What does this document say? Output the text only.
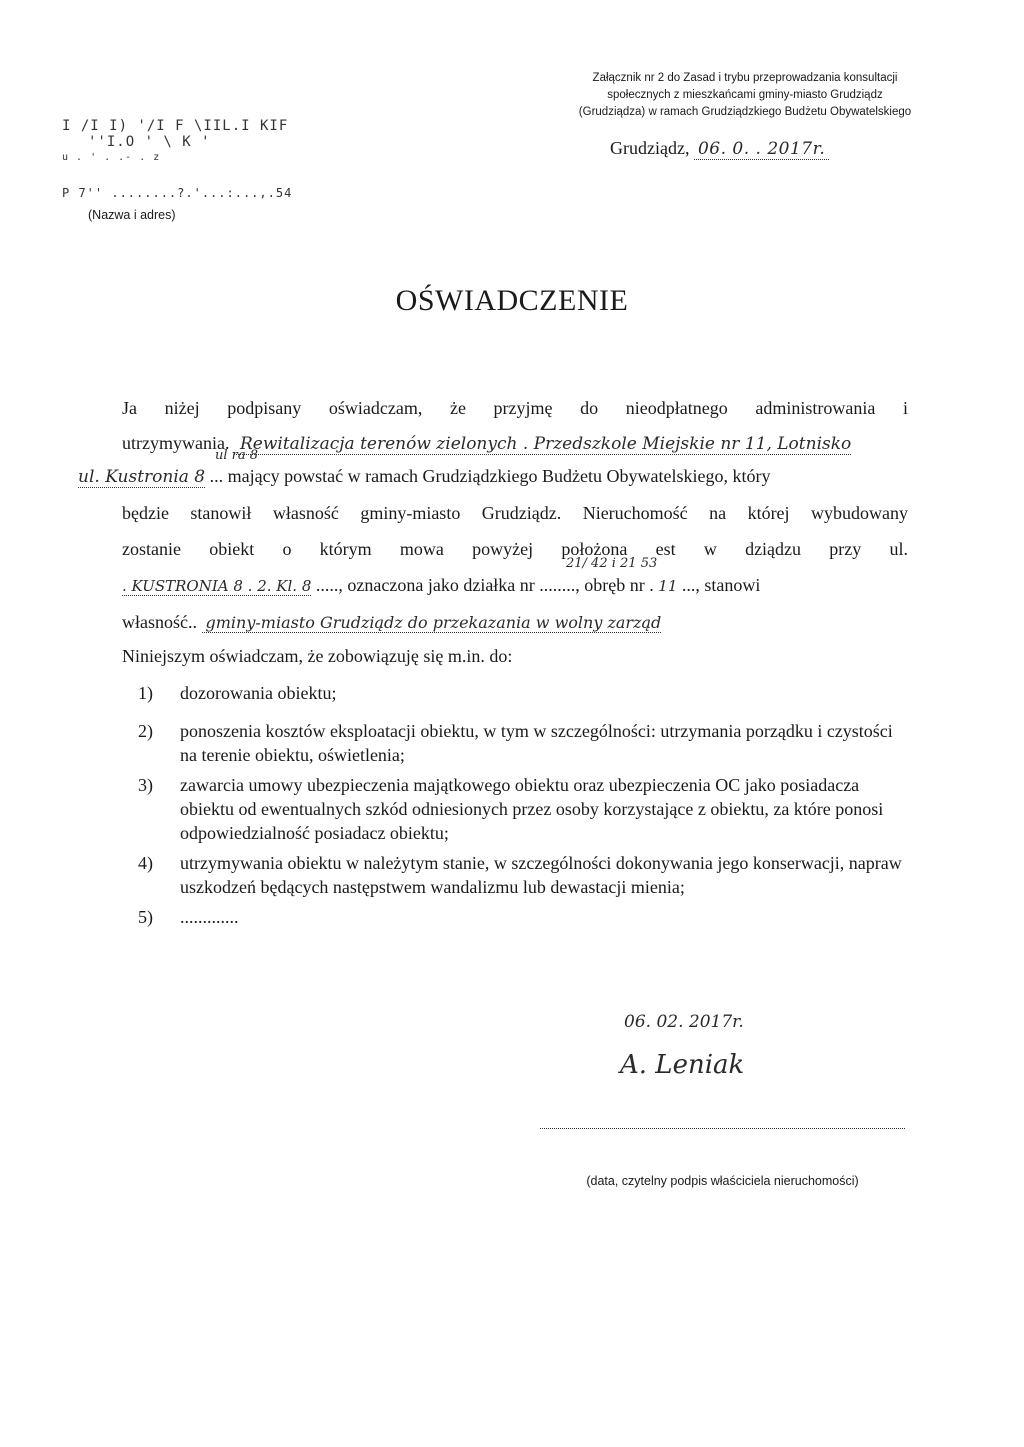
I /I I) '/I F \IIL.I KIF
''I.O ' \ K '
u . ' . .- . z
P 7'' ........?.'...:...,.54
(Nazwa i adres)
Załącznik nr 2 do Zasad i trybu przeprowadzania konsultacji
społecznych z mieszkańcami gminy-miasto Grudziądz
(Grudziądza) w ramach Grudziądzkiego Budżetu Obywatelskiego
Grudziądz, 06. 0. . 2017r.
OŚWIADCZENIE
Ja niżej podpisany oświadczam, że przyjmę do nieodpłatnego administrowania i
utrzymywania. Rewitalizacja terenów zielonych . Przedszkole Miejskie nr 11, Lotnisko
ul ra 8
ul. Kustronia 8 ... mający powstać w ramach Grudziądzkiego Budżetu Obywatelskiego, który
będzie stanowił własność gminy-miasto Grudziądz. Nieruchomość na której wybudowany
zostanie obiekt o którym mowa powyżej położona est w dziądzu przy ul.
21/ 42 i 21 53
. KUSTRONIA 8 . 2. Kl. 8 ....., oznaczona jako działka nr ........, obręb nr . 11 ..., stanowi
własność.. gminy-miasto Grudziądz do przekazania w wolny zarząd
Niniejszym oświadczam, że zobowiązuję się m.in. do:
1) dozorowania obiektu;
2) ponoszenia kosztów eksploatacji obiektu, w tym w szczególności: utrzymania porządku i czystości na terenie obiektu, oświetlenia;
3) zawarcia umowy ubezpieczenia majątkowego obiektu oraz ubezpieczenia OC jako posiadacza obiektu od ewentualnych szkód odniesionych przez osoby korzystające z obiektu, za które ponosi odpowiedzialność posiadacz obiektu;
4) utrzymywania obiektu w należytym stanie, w szczególności dokonywania jego konserwacji, napraw uszkodzeń będących następstwem wandalizmu lub dewastacji mienia;
5) .............
06. 02. 2017r.
A. Leniak
(data, czytelny podpis właściciela nieruchomości)
